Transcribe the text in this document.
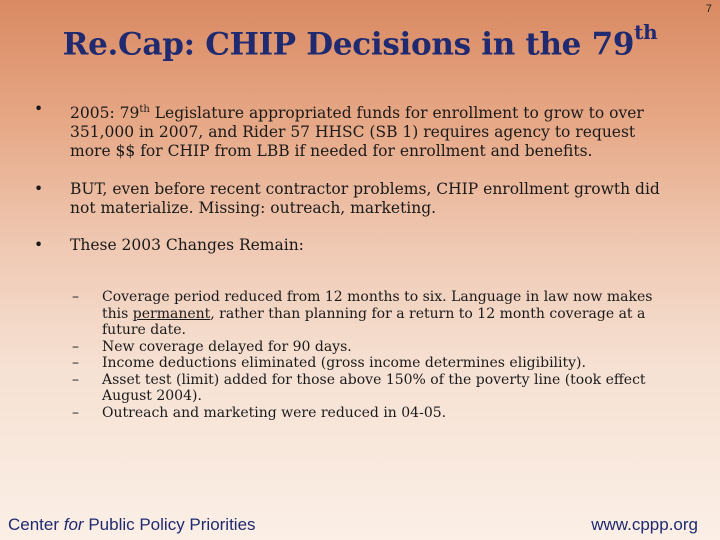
7
Re.Cap: CHIP Decisions in the 79th
• 2005: 79th Legislature appropriated funds for enrollment to grow to over 351,000 in 2007, and Rider 57 HHSC (SB 1) requires agency to request more $$ for CHIP from LBB if needed for enrollment and benefits.
• BUT, even before recent contractor problems, CHIP enrollment growth did not materialize. Missing: outreach, marketing.
• These 2003 Changes Remain:
– Coverage period reduced from 12 months to six. Language in law now makes this permanent, rather than planning for a return to 12 month coverage at a future date.
– New coverage delayed for 90 days.
– Income deductions eliminated (gross income determines eligibility).
– Asset test (limit) added for those above 150% of the poverty line (took effect August 2004).
– Outreach and marketing were reduced in 04-05.
Center for Public Policy Priorities	www.cppp.org
